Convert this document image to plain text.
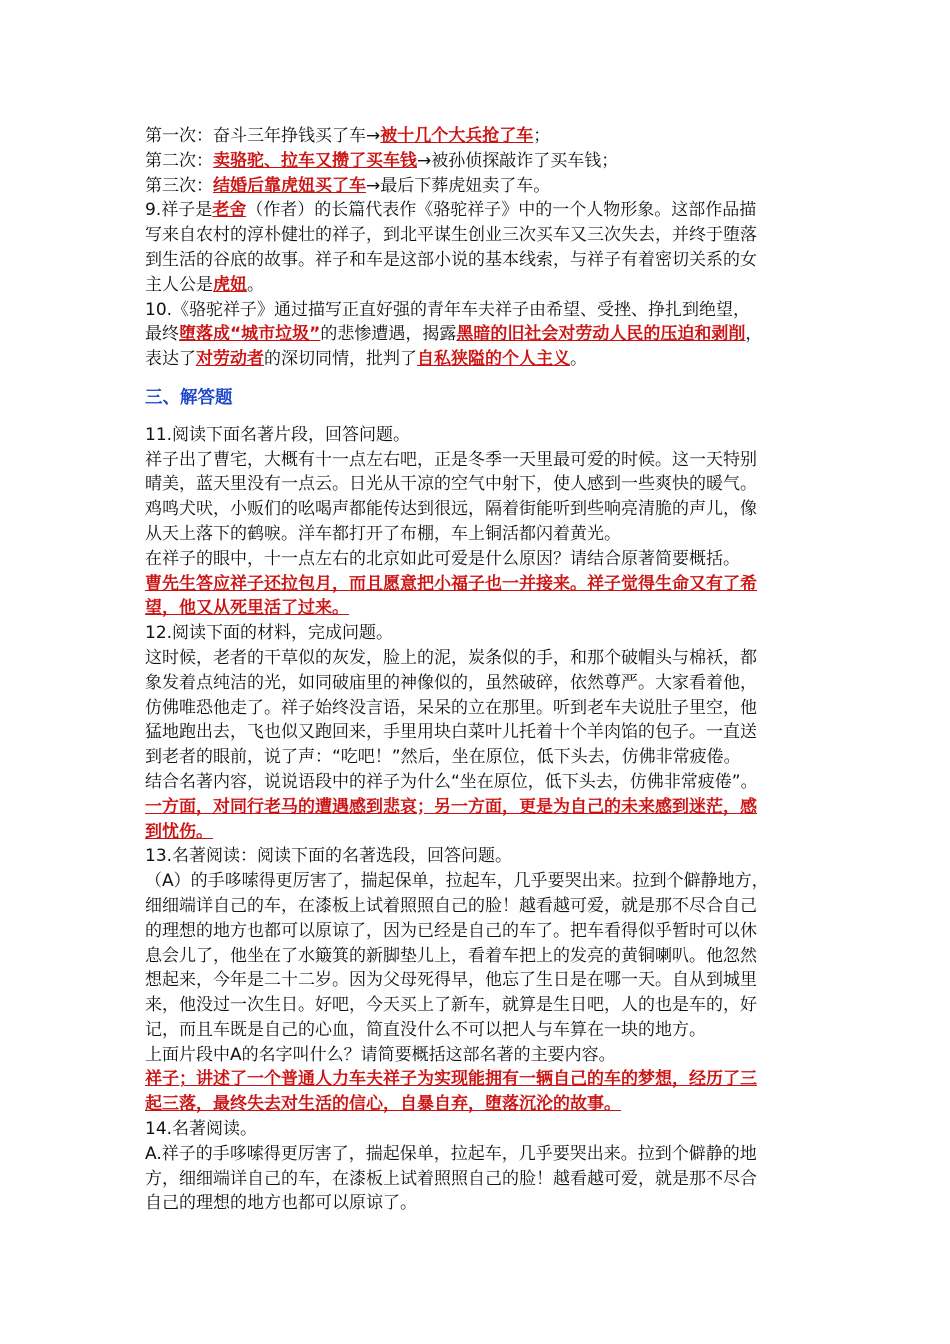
第一次：奋斗三年挣钱买了车→被十几个大兵抢了车；
第二次：卖骆驼、拉车又攒了买车钱→被孙侦探敲诈了买车钱；
第三次：结婚后靠虎妞买了车→最后下葬虎妞卖了车。
9.祥子是老舍（作者）的长篇代表作《骆驼祥子》中的一个人物形象。这部作品描
写来自农村的淳朴健壮的祥子，到北平谋生创业三次买车又三次失去，并终于堕落
到生活的谷底的故事。祥子和车是这部小说的基本线索，与祥子有着密切关系的女
主人公是虎妞。
10.《骆驼祥子》通过描写正直好强的青年车夫祥子由希望、受挫、挣扎到绝望，
最终堕落成“城市垃圾”的悲惨遭遇，揭露黑暗的旧社会对劳动人民的压迫和剥削，
表达了对劳动者的深切同情，批判了自私狭隘的个人主义。
三、解答题
11.阅读下面名著片段，回答问题。
祥子出了曹宅，大概有十一点左右吧，正是冬季一天里最可爱的时候。这一天特别
晴美，蓝天里没有一点云。日光从干凉的空气中射下，使人感到一些爽快的暖气。
鸡鸣犬吠，小贩们的吆喝声都能传达到很远，隔着街能听到些响亮清脆的声儿，像
从天上落下的鹤唳。洋车都打开了布棚，车上铜活都闪着黄光。
在祥子的眼中，十一点左右的北京如此可爱是什么原因？请结合原著简要概括。
曹先生答应祥子还拉包月，而且愿意把小福子也一并接来。祥子觉得生命又有了希
望，他又从死里活了过来。
12.阅读下面的材料，完成问题。
这时候，老者的干草似的灰发，脸上的泥，炭条似的手，和那个破帽头与棉袄，都
象发着点纯洁的光，如同破庙里的神像似的，虽然破碎，依然尊严。大家看着他，
仿佛唯恐他走了。祥子始终没言语，呆呆的立在那里。听到老车夫说肚子里空，他
猛地跑出去，飞也似又跑回来，手里用块白菜叶儿托着十个羊肉馅的包子。一直送
到老者的眼前，说了声：“吃吧！”然后，坐在原位，低下头去，仿佛非常疲倦。
结合名著内容，说说语段中的祥子为什么“坐在原位，低下头去，仿佛非常疲倦”。
一方面，对同行老马的遭遇感到悲哀；另一方面，更是为自己的未来感到迷茫，感
到忧伤。
13.名著阅读：阅读下面的名著选段，回答问题。
（A）的手哆嗦得更厉害了，揣起保单，拉起车，几乎要哭出来。拉到个僻静地方，
细细端详自己的车，在漆板上试着照照自己的脸！越看越可爱，就是那不尽合自己
的理想的地方也都可以原谅了，因为已经是自己的车了。把车看得似乎暂时可以休
息会儿了，他坐在了水簸箕的新脚垫儿上，看着车把上的发亮的黄铜喇叭。他忽然
想起来，今年是二十二岁。因为父母死得早，他忘了生日是在哪一天。自从到城里
来，他没过一次生日。好吧，今天买上了新车，就算是生日吧，人的也是车的，好
记，而且车既是自己的心血，简直没什么不可以把人与车算在一块的地方。
上面片段中A的名字叫什么？请简要概括这部名著的主要内容。
祥子；讲述了一个普通人力车夫祥子为实现能拥有一辆自己的车的梦想，经历了三
起三落，最终失去对生活的信心，自暴自弃，堕落沉沦的故事。
14.名著阅读。
A.祥子的手哆嗦得更厉害了，揣起保单，拉起车，几乎要哭出来。拉到个僻静的地
方，细细端详自己的车，在漆板上试着照照自己的脸！越看越可爱，就是那不尽合
自己的理想的地方也都可以原谅了。
